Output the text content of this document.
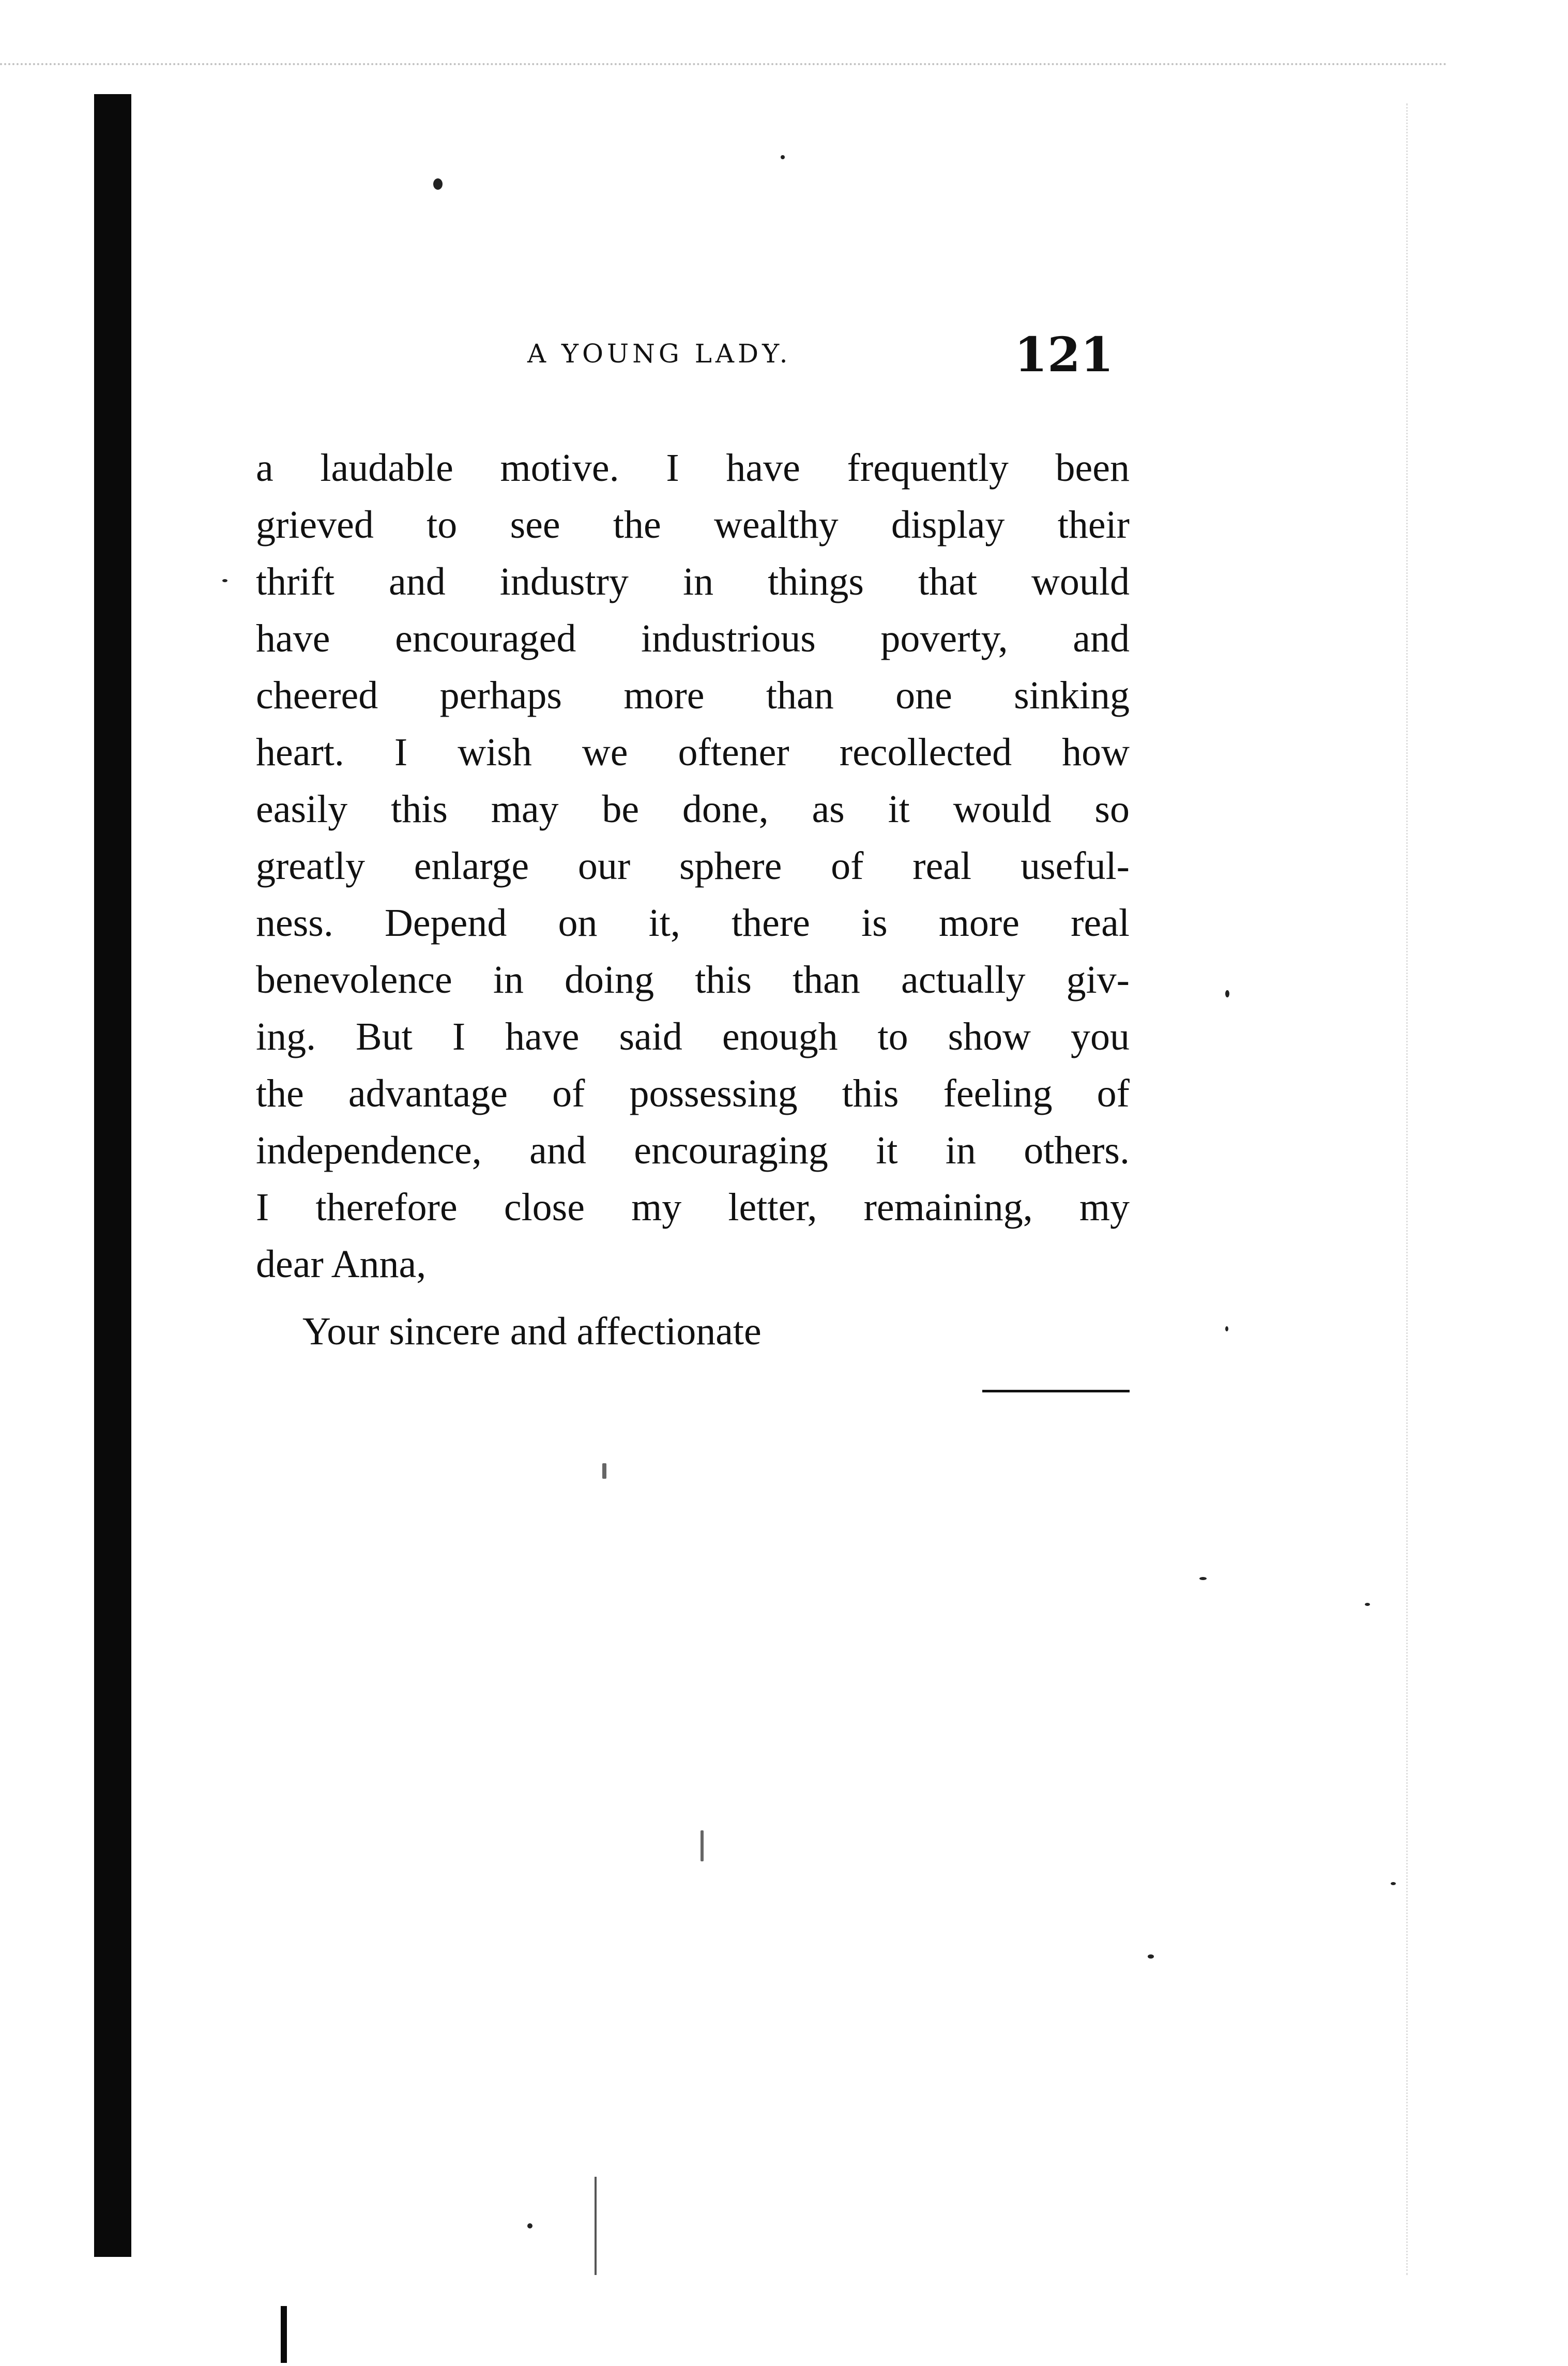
A YOUNG LADY.	121
a laudable motive. I have frequently been
grieved to see the wealthy display their
thrift and industry in things that would
have encouraged industrious poverty, and
cheered perhaps more than one sinking
heart. I wish we oftener recollected how
easily this may be done, as it would so
greatly enlarge our sphere of real useful-
ness. Depend on it, there is more real
benevolence in doing this than actually giv-
ing. But I have said enough to show you
the advantage of possessing this feeling of
independence, and encouraging it in others.
I therefore close my letter, remaining, my
dear Anna,
Your sincere and affectionate
